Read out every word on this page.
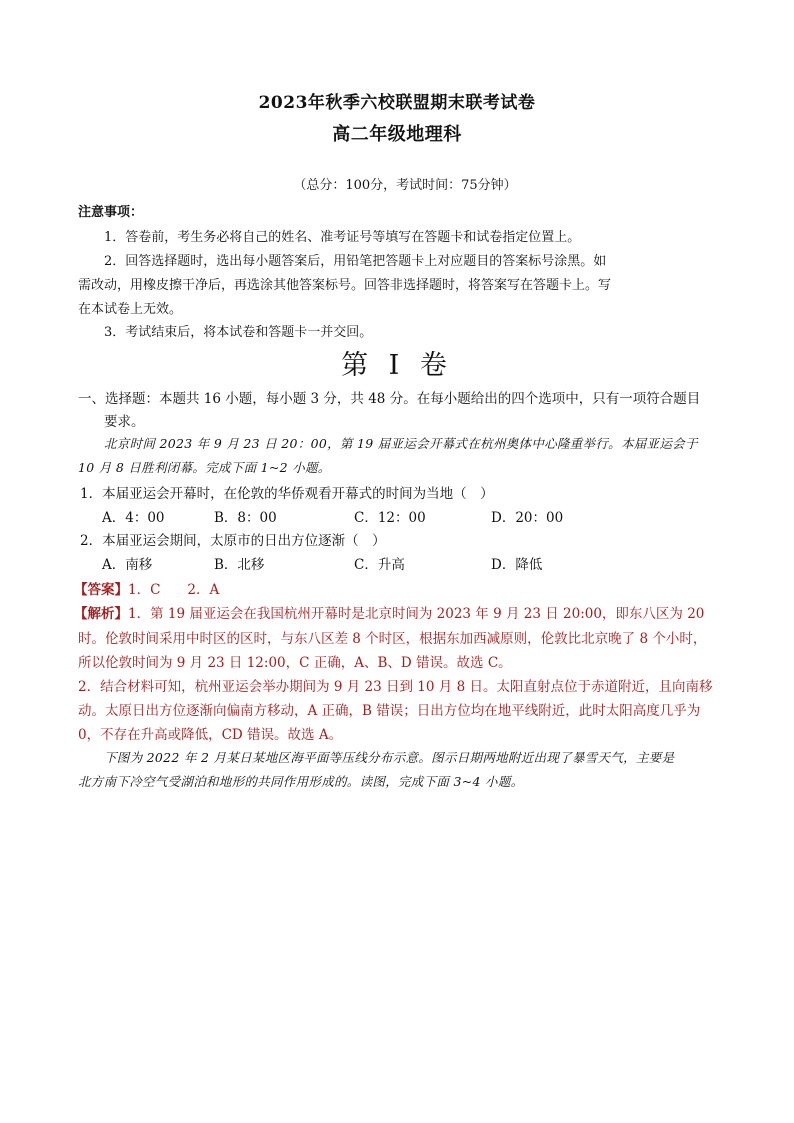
2023年秋季六校联盟期末联考试卷
高二年级地理科
（总分：100分，考试时间：75分钟）
注意事项：
1．答卷前，考生务必将自己的姓名、准考证号等填写在答题卡和试卷指定位置上。
2．回答选择题时，选出每小题答案后，用铅笔把答题卡上对应题目的答案标号涂黑。如
需改动，用橡皮擦干净后，再选涂其他答案标号。回答非选择题时，将答案写在答题卡上。写
在本试卷上无效。
3．考试结束后，将本试卷和答题卡一并交回。
第 I 卷
一、选择题：本题共 16 小题，每小题 3 分，共 48 分。在每小题给出的四个选项中，只有一项符合题目
要求。
北京时间 2023 年 9 月 23 日 20：00，第 19 届亚运会开幕式在杭州奥体中心隆重举行。本届亚运会于
10 月 8 日胜利闭幕。完成下面 1~2 小题。
1．本届亚运会开幕时，在伦敦的华侨观看开幕式的时间为当地（　）
A．4：00	B．8：00	C．12：00	D．20：00
2．本届亚运会期间，太原市的日出方位逐渐（　）
A．南移	B．北移	C．升高	D．降低
【答案】1．C　　2．A
【解析】1．第 19 届亚运会在我国杭州开幕时是北京时间为 2023 年 9 月 23 日 20:00，即东八区为 20
时。伦敦时间采用中时区的区时，与东八区差 8 个时区，根据东加西减原则，伦敦比北京晚了 8 个小时，
所以伦敦时间为 9 月 23 日 12:00，C 正确，A、B、D 错误。故选 C。
2．结合材料可知，杭州亚运会举办期间为 9 月 23 日到 10 月 8 日。太阳直射点位于赤道附近，且向南移
动。太原日出方位逐渐向偏南方移动，A 正确，B 错误；日出方位均在地平线附近，此时太阳高度几乎为
0，不存在升高或降低，CD 错误。故选 A。
下图为 2022 年 2 月某日某地区海平面等压线分布示意。图示日期两地附近出现了暴雪天气，主要是
北方南下冷空气受湖泊和地形的共同作用形成的。读图，完成下面 3~4 小题。
